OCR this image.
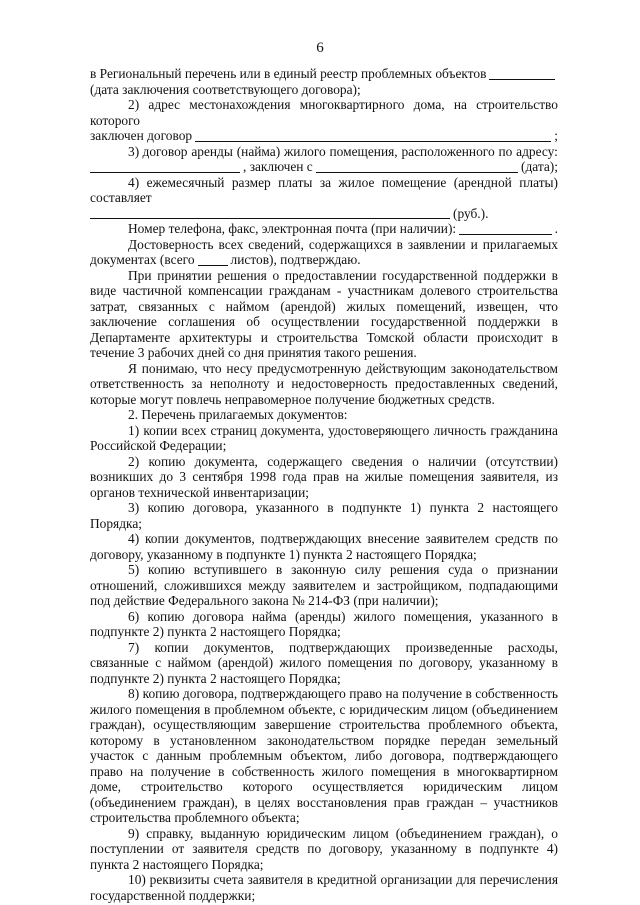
6
в Региональный перечень или в единый реестр проблемных объектов

(дата заключения соответствующего договора);

2) адрес местонахождения многоквартирного дома, на строительство которого

заключен договор	;
3) договор аренды (найма) жилого помещения, расположенного по адресу:
, заключен с	(дата);

4) ежемесячный размер платы за жилое помещение (арендной платы) составляет

(руб.).
Номер телефона, факс, электронная почта (при наличии):	.
Достоверность всех сведений, содержащихся в заявлении и прилагаемых
документах (всего	листов), подтверждаю.

При принятии решения о предоставлении государственной поддержки в виде частичной компенсации гражданам - участникам долевого строительства затрат, связанных с наймом (арендой) жилых помещений, извещен, что заключение соглашения об осуществлении государственной поддержки в Департаменте архитектуры и строительства Томской области происходит в течение 3 рабочих дней со дня принятия такого решения.

Я понимаю, что несу предусмотренную действующим законодательством ответственность за неполноту и недостоверность предоставленных сведений, которые могут повлечь неправомерное получение бюджетных средств.

2. Перечень прилагаемых документов:

1) копии всех страниц документа, удостоверяющего личность гражданина Российской Федерации;

2) копию документа, содержащего сведения о наличии (отсутствии) возникших до 3 сентября 1998 года прав на жилые помещения заявителя, из органов технической инвентаризации;

3) копию договора, указанного в подпункте 1) пункта 2 настоящего Порядка;

4) копии документов, подтверждающих внесение заявителем средств по договору, указанному в подпункте 1) пункта 2 настоящего Порядка;

5) копию вступившего в законную силу решения суда о признании отношений, сложившихся между заявителем и застройщиком, подпадающими под действие Федерального закона № 214-ФЗ (при наличии);

6) копию договора найма (аренды) жилого помещения, указанного в подпункте 2) пункта 2 настоящего Порядка;

7) копии документов, подтверждающих произведенные расходы, связанные с наймом (арендой) жилого помещения по договору, указанному в подпункте 2) пункта 2 настоящего Порядка;

8) копию договора, подтверждающего право на получение в собственность жилого помещения в проблемном объекте, с юридическим лицом (объединением граждан), осуществляющим завершение строительства проблемного объекта, которому в установленном законодательством порядке передан земельный участок с данным проблемным объектом, либо договора, подтверждающего право на получение в собственность жилого помещения в многоквартирном доме, строительство которого осуществляется юридическим лицом (объединением граждан), в целях восстановления прав граждан – участников строительства проблемного объекта;

9) справку, выданную юридическим лицом (объединением граждан), о поступлении от заявителя средств по договору, указанному в подпункте 4) пункта 2 настоящего Порядка;

10) реквизиты счета заявителя в кредитной организации для перечисления государственной поддержки;
